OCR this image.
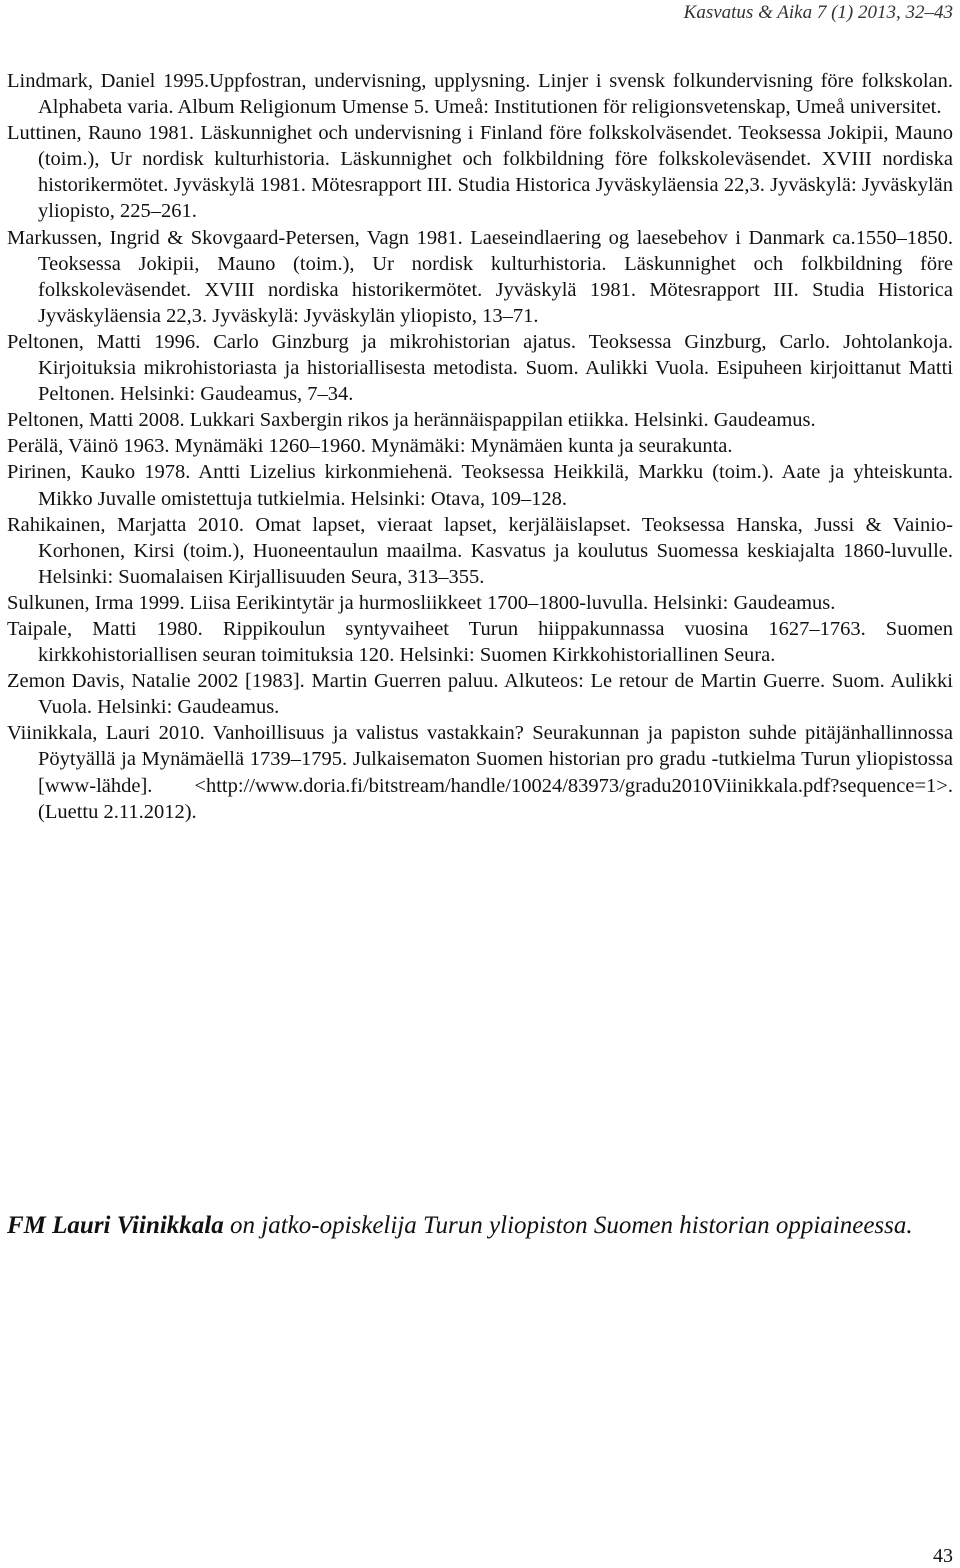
Kasvatus & Aika 7 (1) 2013, 32–43

Lindmark, Daniel 1995.Uppfostran, undervisning, upplysning. Linjer i svensk folkundervisning före folkskolan. Alphabeta varia. Album Religionum Umense 5. Umeå: Institutionen för religionsvetenskap, Umeå universitet.

Luttinen, Rauno 1981. Läskunnighet och undervisning i Finland före folkskolväsendet. Teoksessa Jokipii, Mauno (toim.), Ur nordisk kulturhistoria. Läskunnighet och folkbildning före folkskoleväsendet. XVIII nordiska historikermötet. Jyväskylä 1981. Mötesrapport III. Studia Historica Jyväskyläensia 22,3. Jyväskylä: Jyväskylän yliopisto, 225–261.

Markussen, Ingrid & Skovgaard-Petersen, Vagn 1981. Laeseindlaering og laesebehov i Danmark ca.1550–1850. Teoksessa Jokipii, Mauno (toim.), Ur nordisk kulturhistoria. Läskunnighet och folkbildning före folkskoleväsendet. XVIII nordiska historikermötet. Jyväskylä 1981. Mötesrapport III. Studia Historica Jyväskyläensia 22,3. Jyväskylä: Jyväskylän yliopisto, 13–71.

Peltonen, Matti 1996. Carlo Ginzburg ja mikrohistorian ajatus. Teoksessa Ginzburg, Carlo. Johtolankoja. Kirjoituksia mikrohistoriasta ja historiallisesta metodista. Suom. Aulikki Vuola. Esipuheen kirjoittanut Matti Peltonen. Helsinki: Gaudeamus, 7–34.

Peltonen, Matti 2008. Lukkari Saxbergin rikos ja herännäispappilan etiikka. Helsinki. Gaudeamus.

Perälä, Väinö 1963. Mynämäki 1260–1960. Mynämäki: Mynämäen kunta ja seurakunta.

Pirinen, Kauko 1978. Antti Lizelius kirkonmiehenä. Teoksessa Heikkilä, Markku (toim.). Aate ja yhteiskunta. Mikko Juvalle omistettuja tutkielmia. Helsinki: Otava, 109–128.

Rahikainen, Marjatta 2010. Omat lapset, vieraat lapset, kerjäläislapset. Teoksessa Hanska, Jussi & Vainio-Korhonen, Kirsi (toim.), Huoneentaulun maailma. Kasvatus ja koulutus Suomessa keskiajalta 1860-luvulle. Helsinki: Suomalaisen Kirjallisuuden Seura, 313–355.

Sulkunen, Irma 1999. Liisa Eerikintytär ja hurmosliikkeet 1700–1800-luvulla. Helsinki: Gaudeamus.

Taipale, Matti 1980. Rippikoulun syntyvaiheet Turun hiippakunnassa vuosina 1627–1763. Suomen kirkkohistoriallisen seuran toimituksia 120. Helsinki: Suomen Kirkkohistoriallinen Seura.

Zemon Davis, Natalie 2002 [1983]. Martin Guerren paluu. Alkuteos: Le retour de Martin Guerre. Suom. Aulikki Vuola. Helsinki: Gaudeamus.

Viinikkala, Lauri 2010. Vanhoillisuus ja valistus vastakkain? Seurakunnan ja papiston suhde pitäjänhallinnossa Pöytyällä ja Mynämäellä 1739–1795. Julkaisematon Suomen historian pro gradu -tutkielma Turun yliopistossa [www-lähde]. <http://www.doria.fi/bitstream/handle/10024/83973/gradu2010Viinikkala.pdf?sequence=1>. (Luettu 2.11.2012).

FM Lauri Viinikkala on jatko-opiskelija Turun yliopiston Suomen historian oppiaineessa.

43
